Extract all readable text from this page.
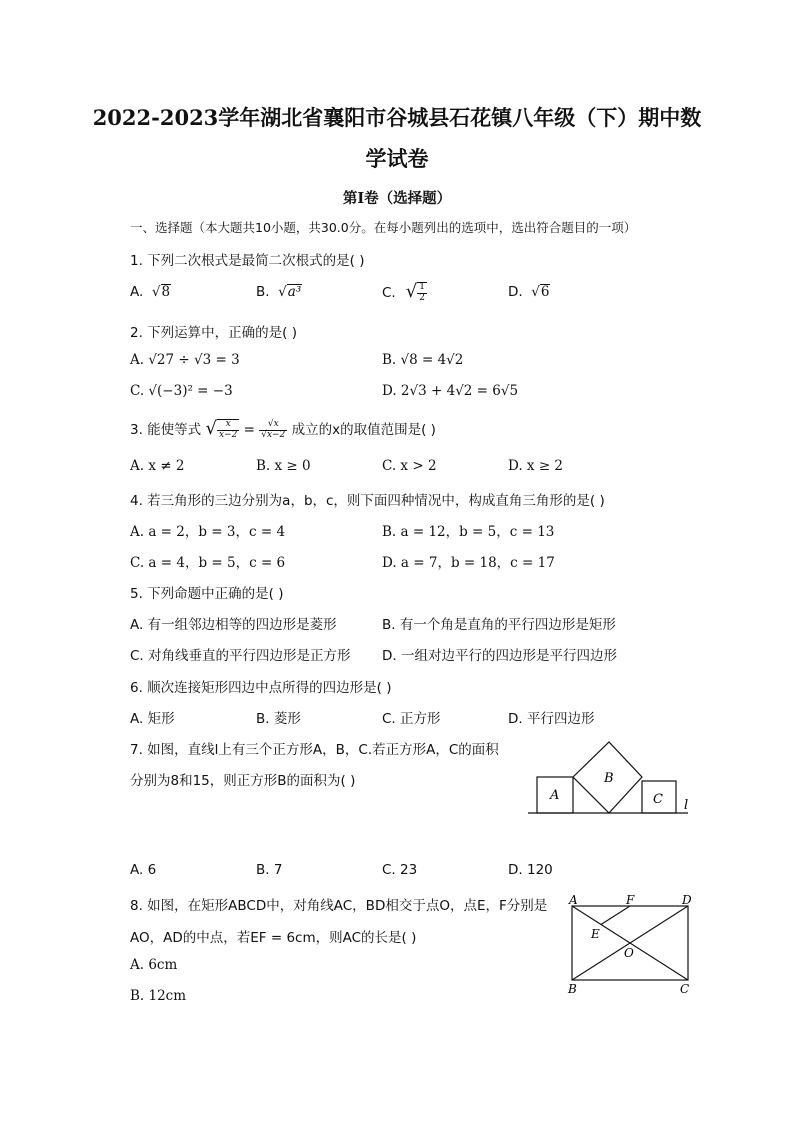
2022-2023学年湖北省襄阳市谷城县石花镇八年级（下）期中数
学试卷
第Ⅰ卷（选择题）
一、选择题（本大题共10小题，共30.0分。在每小题列出的选项中，选出符合题目的一项）
1. 下列二次根式是最简二次根式的是( )
A.  √8	B.  √a³	C.  √ $\frac{1}{2}$	D.  √6
2. 下列运算中，正确的是( )
A. √27 ÷ √3 = 3	B. √8 = 4√2
C. √(−3)² = −3	D. 2√3 + 4√2 = 6√5
3. 能使等式 √ $\frac{x}{x-2} = \frac{√x}{√x-2}$ 成立的x的取值范围是( )
A. x ≠ 2	B. x ≥ 0	C. x > 2	D. x ≥ 2
4. 若三角形的三边分别为a，b，c，则下面四种情况中，构成直角三角形的是( )
A. a = 2，b = 3，c = 4	B. a = 12，b = 5，c = 13
C. a = 4，b = 5，c = 6	D. a = 7，b = 18，c = 17
5. 下列命题中正确的是( )
A. 有一组邻边相等的四边形是菱形	B. 有一个角是直角的平行四边形是矩形
C. 对角线垂直的平行四边形是正方形 D. 一组对边平行的四边形是平行四边形
6. 顺次连接矩形四边中点所得的四边形是( )
A. 矩形	B. 菱形	C. 正方形	D. 平行四边形
7. 如图，直线l上有三个正方形A，B，C.若正方形A，C的面积
分别为8和15，则正方形B的面积为( )
A
B
C l
A. 6	B. 7	C. 23	D. 120
8. 如图，在矩形ABCD中，对角线AC，BD相交于点O，点E，F分别是
AO，AD的中点，若EF = 6cm，则AC的长是( )
A. 6cm
B. 12cm
A	F	D
E
O
B	C
